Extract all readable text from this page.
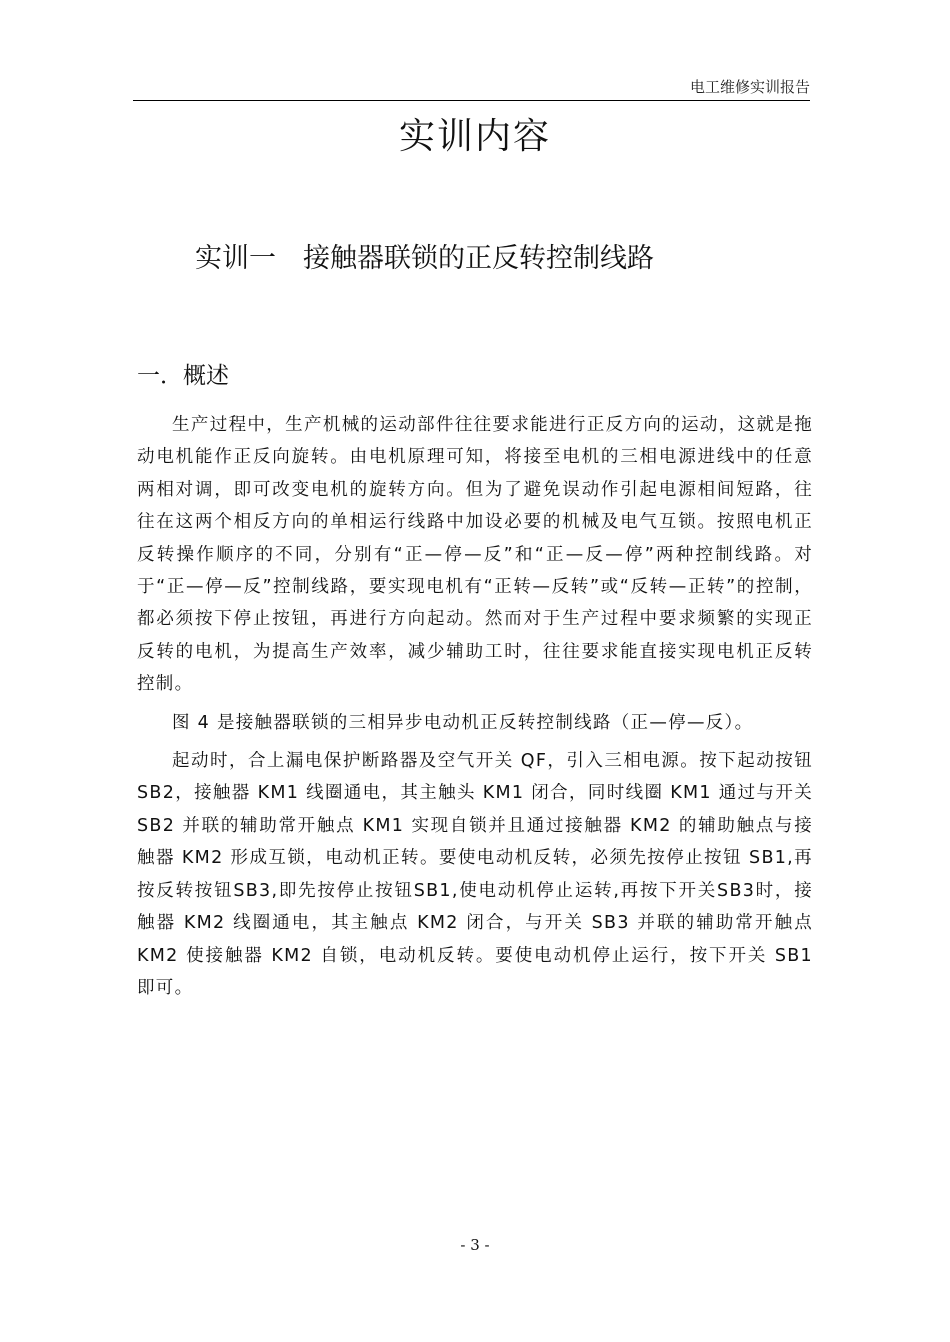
电工维修实训报告
实训内容
实训一　接触器联锁的正反转控制线路
一．概述

生产过程中，生产机械的运动部件往往要求能进行正反方向的运动，这就是拖动电机能作正反向旋转。由电机原理可知，将接至电机的三相电源进线中的任意两相对调，即可改变电机的旋转方向。但为了避免误动作引起电源相间短路，往往在这两个相反方向的单相运行线路中加设必要的机械及电气互锁。按照电机正反转操作顺序的不同，分别有“正—停—反”和“正—反—停”两种控制线路。对于“正—停—反”控制线路，要实现电机有“正转—反转”或“反转—正转”的控制，都必须按下停止按钮，再进行方向起动。然而对于生产过程中要求频繁的实现正反转的电机，为提高生产效率，减少辅助工时，往往要求能直接实现电机正反转控制。

图 4 是接触器联锁的三相异步电动机正反转控制线路（正—停—反）。

起动时，合上漏电保护断路器及空气开关 QF，引入三相电源。按下起动按钮 SB2，接触器 KM1 线圈通电，其主触头 KM1 闭合，同时线圈 KM1 通过与开关 SB2 并联的辅助常开触点 KM1 实现自锁并且通过接触器 KM2 的辅助触点与接触器 KM2 形成互锁，电动机正转。要使电动机反转，必须先按停止按钮 SB1,再按反转按钮SB3,即先按停止按钮SB1,使电动机停止运转,再按下开关SB3时，接触器 KM2 线圈通电，其主触点 KM2 闭合，与开关 SB3 并联的辅助常开触点 KM2 使接触器 KM2 自锁，电动机反转。要使电动机停止运行，按下开关 SB1 即可。

- 3 -
